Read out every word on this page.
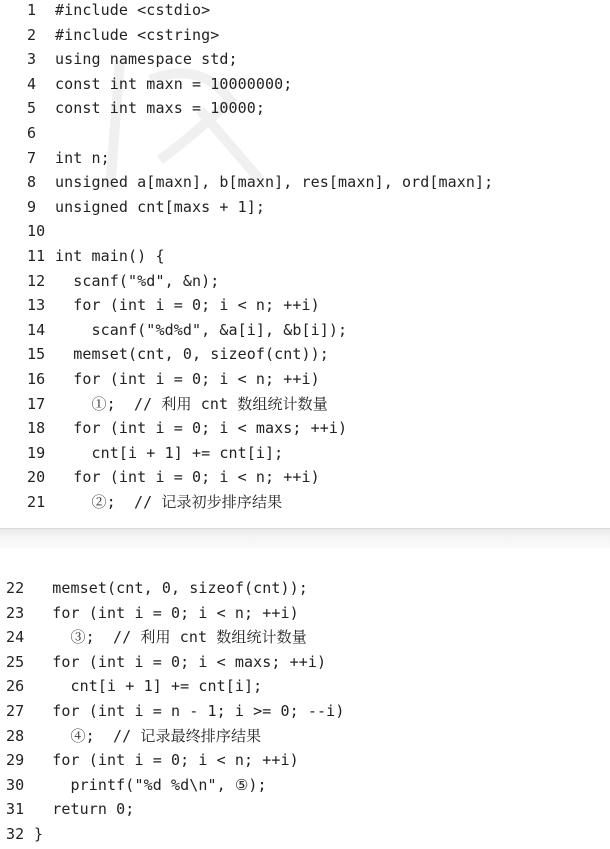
1 #include <cstdio>
2 #include <cstring>
3 using namespace std;
4 const int maxn = 10000000;
5 const int maxs = 10000;
6
7 int n;
8 unsigned a[maxn], b[maxn], res[maxn], ord[maxn];
9 unsigned cnt[maxs + 1];
10
11 int main() {
12 scanf("%d", &n);
13 for (int i = 0; i < n; ++i)
14 scanf("%d%d", &a[i], &b[i]);
15 memset(cnt, 0, sizeof(cnt));
16 for (int i = 0; i < n; ++i)
17 ①;  // 利用 cnt 数组统计数量
18 for (int i = 0; i < maxs; ++i)
19 cnt[i + 1] += cnt[i];
20 for (int i = 0; i < n; ++i)
21 ②;  // 记录初步排序结果
22 memset(cnt, 0, sizeof(cnt));
23 for (int i = 0; i < n; ++i)
24 ③;  // 利用 cnt 数组统计数量
25 for (int i = 0; i < maxs; ++i)
26 cnt[i + 1] += cnt[i];
27 for (int i = n - 1; i >= 0; --i)
28 ④;  // 记录最终排序结果
29 for (int i = 0; i < n; ++i)
30 printf("%d %d\n", ⑤);
31 return 0;
32 }
